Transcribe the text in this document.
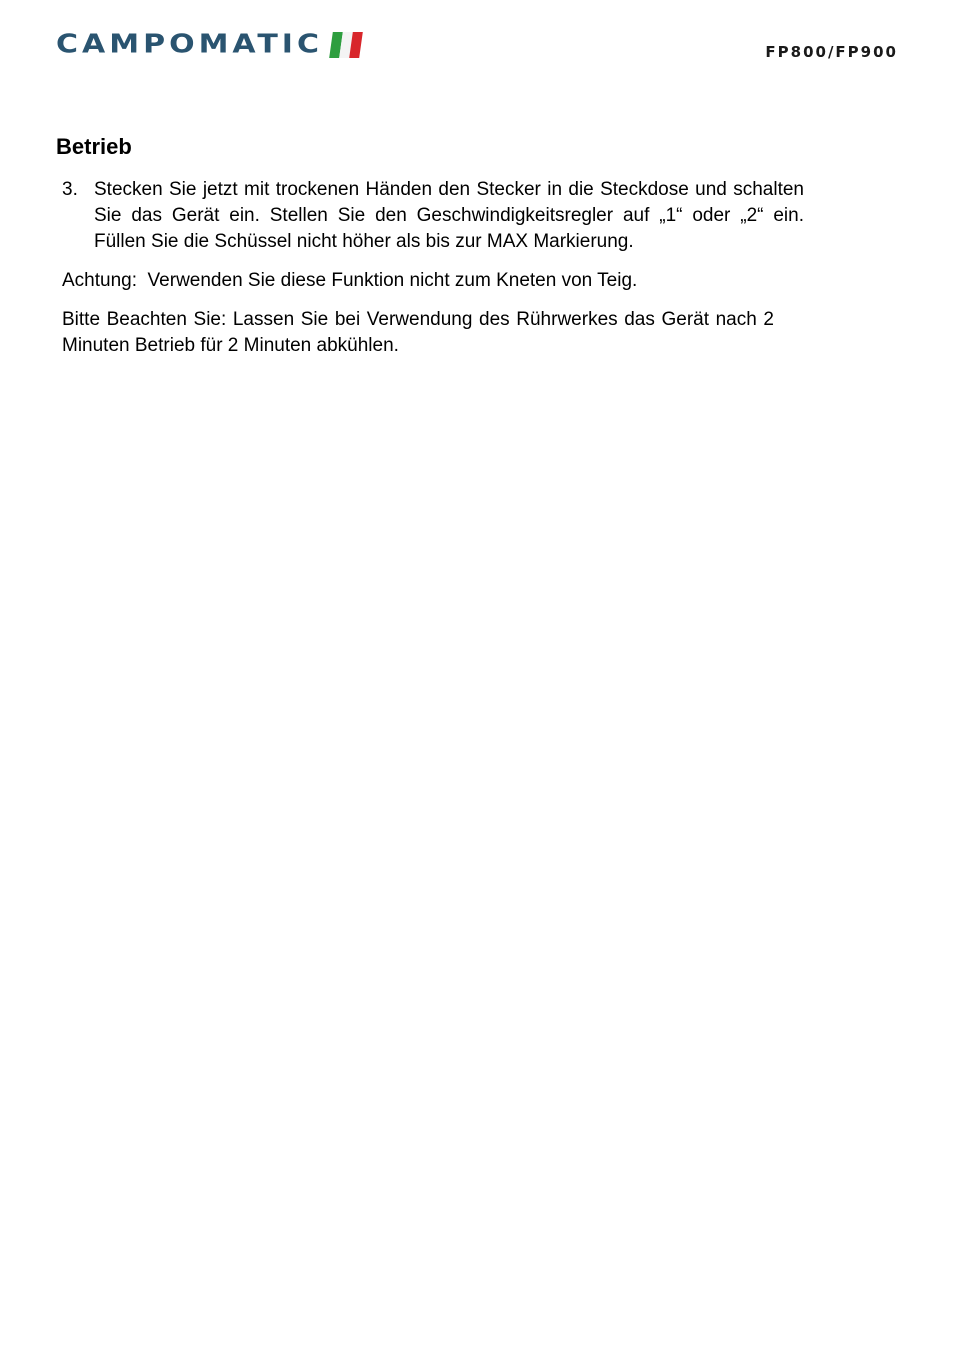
CAMPOMATIC	FP800/FP900
Betrieb
3. Stecken Sie jetzt mit trockenen Händen den Stecker in die Steckdose und schalten Sie das Gerät ein. Stellen Sie den Geschwindigkeitsregler auf „1“ oder „2“ ein. Füllen Sie die Schüssel nicht höher als bis zur MAX Markierung.

Achtung:  Verwenden Sie diese Funktion nicht zum Kneten von Teig.

Bitte Beachten Sie: Lassen Sie bei Verwendung des Rührwerkes das Gerät nach 2 Minuten Betrieb für 2 Minuten abkühlen.
